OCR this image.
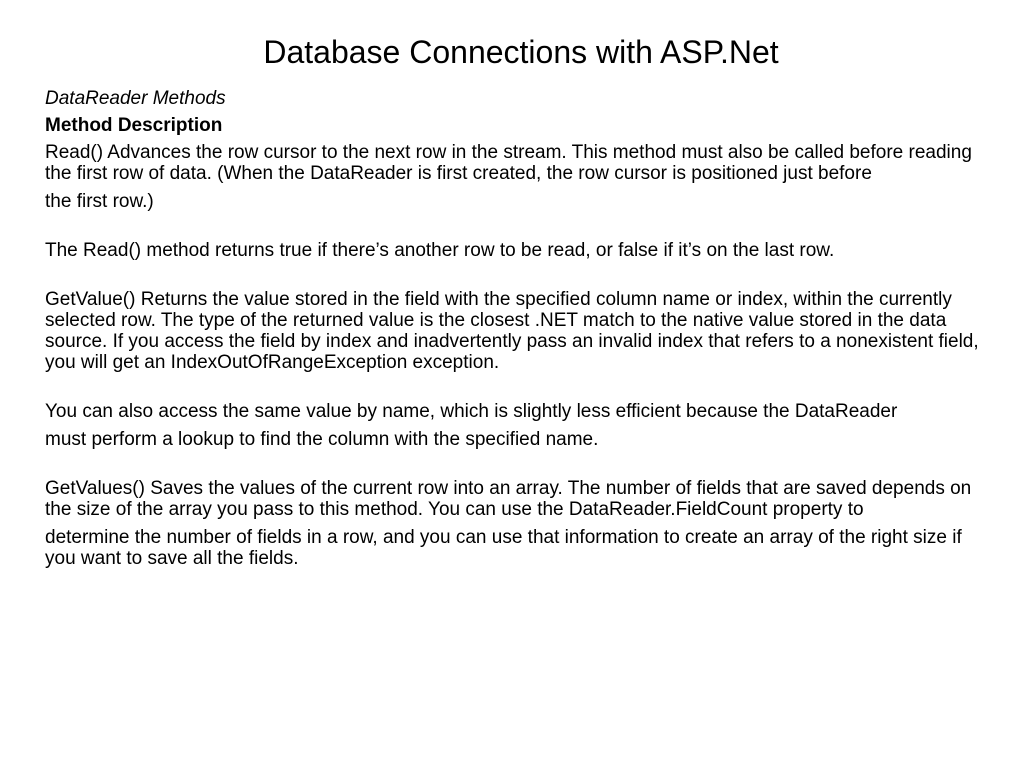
Database Connections with ASP.Net

DataReader Methods

Method Description

Read() Advances the row cursor to the next row in the stream. This method must also be called before reading the first row of data. (When the DataReader is first created, the row cursor is positioned just before

the first row.)

The Read() method returns true if there’s another row to be read, or false if it’s on the last row.

GetValue() Returns the value stored in the field with the specified column name or index, within the currently selected row. The type of the returned value is the closest .NET match to the native value stored in the data source. If you access the field by index and inadvertently pass an invalid index that refers to a nonexistent field, you will get an IndexOutOfRangeException exception.

You can also access the same value by name, which is slightly less efficient because the DataReader

must perform a lookup to find the column with the specified name.

GetValues() Saves the values of the current row into an array. The number of fields that are saved depends on the size of the array you pass to this method. You can use the DataReader.FieldCount property to

determine the number of fields in a row, and you can use that information to create an array of the right size if you want to save all the fields.
